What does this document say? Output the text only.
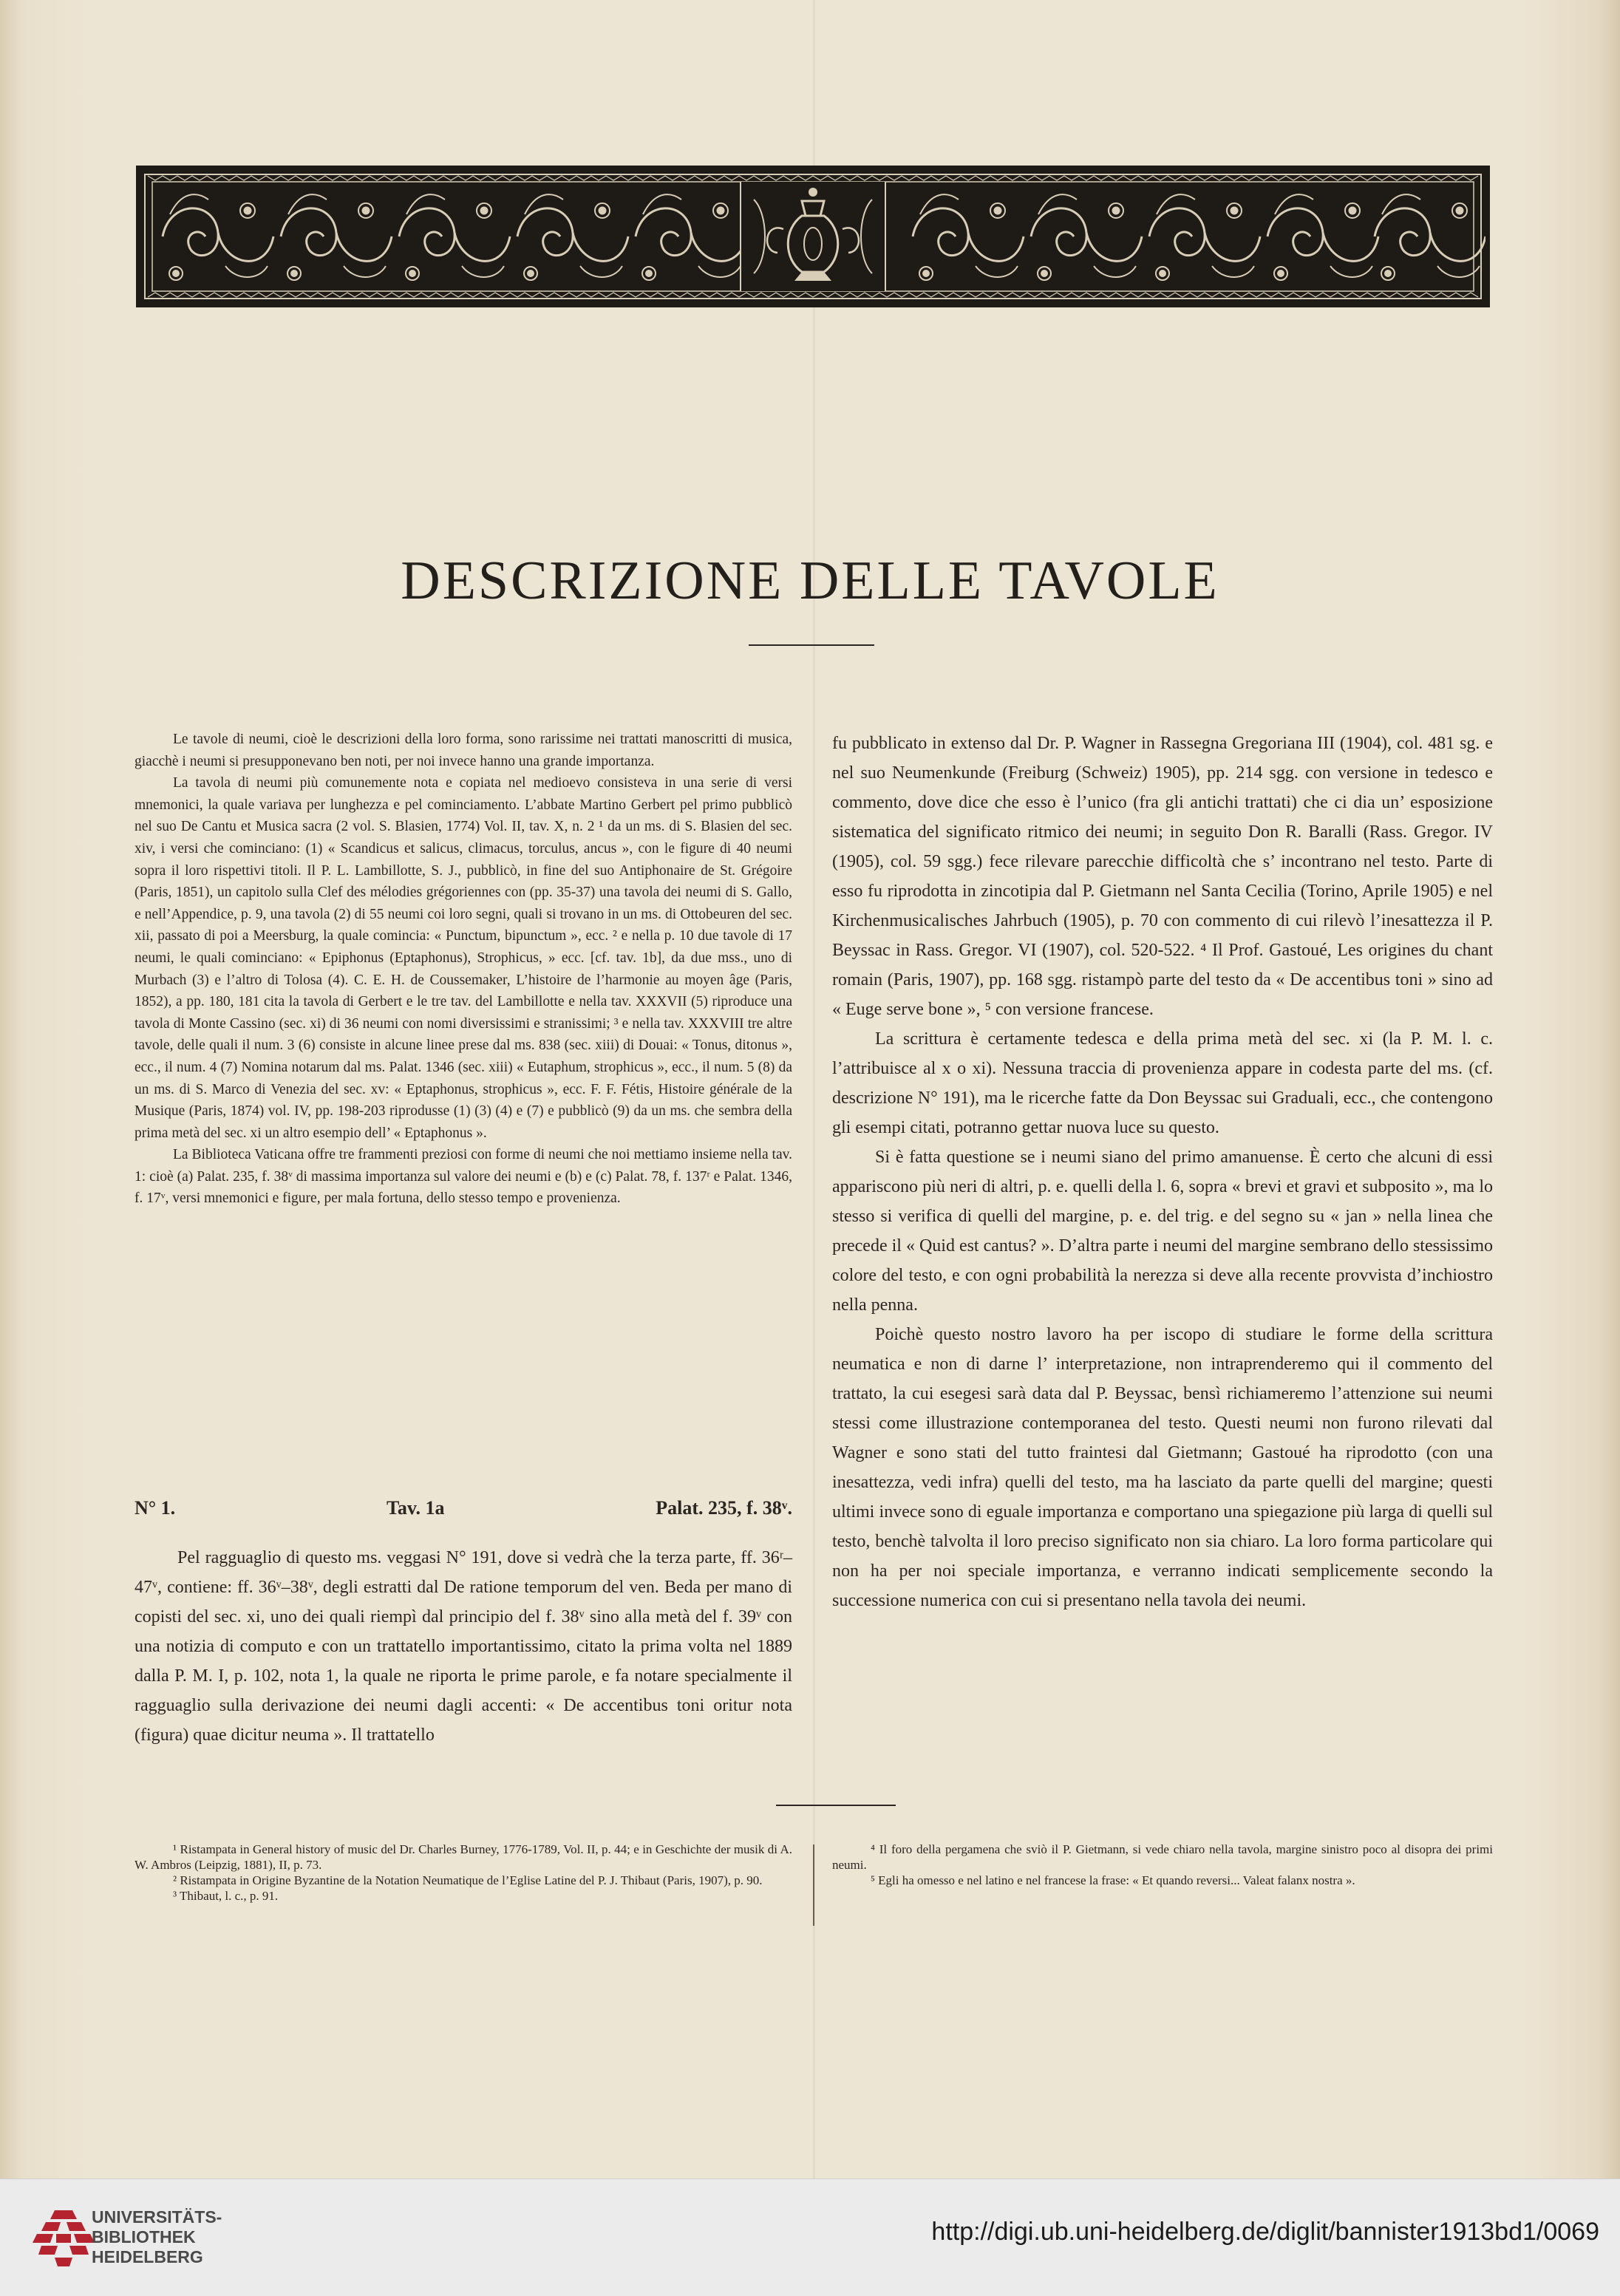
DESCRIZIONE DELLE TAVOLE

Le tavole di neumi, cioè le descrizioni della loro forma, sono rarissime nei trattati manoscritti di musica, giacchè i neumi si presupponevano ben noti, per noi invece hanno una grande importanza.

La tavola di neumi più comunemente nota e copiata nel medioevo consisteva in una serie di versi mnemonici, la quale variava per lunghezza e pel cominciamento. L’abbate Martino Gerbert pel primo pubblicò nel suo De Cantu et Musica sacra (2 vol. S. Blasien, 1774) Vol. II, tav. X, n. 2 ¹ da un ms. di S. Blasien del sec. xiv, i versi che cominciano: (1) « Scandicus et salicus, climacus, torculus, ancus », con le figure di 40 neumi sopra il loro rispettivi titoli. Il P. L. Lambillotte, S. J., pubblicò, in fine del suo Antiphonaire de St. Grégoire (Paris, 1851), un capitolo sulla Clef des mélodies grégoriennes con (pp. 35-37) una tavola dei neumi di S. Gallo, e nell’Appendice, p. 9, una tavola (2) di 55 neumi coi loro segni, quali si trovano in un ms. di Ottobeuren del sec. xii, passato di poi a Meersburg, la quale comincia: « Punctum, bipunctum », ecc. ² e nella p. 10 due tavole di 17 neumi, le quali cominciano: « Epiphonus (Eptaphonus), Strophicus, » ecc. [cf. tav. 1b], da due mss., uno di Murbach (3) e l’altro di Tolosa (4). C. E. H. de Coussemaker, L’histoire de l’harmonie au moyen âge (Paris, 1852), a pp. 180, 181 cita la tavola di Gerbert e le tre tav. del Lambillotte e nella tav. XXXVII (5) riproduce una tavola di Monte Cassino (sec. xi) di 36 neumi con nomi diversissimi e stranissimi; ³ e nella tav. XXXVIII tre altre tavole, delle quali il num. 3 (6) consiste in alcune linee prese dal ms. 838 (sec. xiii) di Douai: « Tonus, ditonus », ecc., il num. 4 (7) Nomina notarum dal ms. Palat. 1346 (sec. xiii) « Eutaphum, strophicus », ecc., il num. 5 (8) da un ms. di S. Marco di Venezia del sec. xv: « Eptaphonus, strophicus », ecc. F. F. Fétis, Histoire générale de la Musique (Paris, 1874) vol. IV, pp. 198-203 riprodusse (1) (3) (4) e (7) e pubblicò (9) da un ms. che sembra della prima metà del sec. xi un altro esempio dell’ « Eptaphonus ».

La Biblioteca Vaticana offre tre frammenti preziosi con forme di neumi che noi mettiamo insieme nella tav. 1: cioè (a) Palat. 235, f. 38ᵛ di massima importanza sul valore dei neumi e (b) e (c) Palat. 78, f. 137ʳ e Palat. 1346, f. 17ᵛ, versi mnemonici e figure, per mala fortuna, dello stesso tempo e provenienza.

N° 1.	Tav. 1a	Palat. 235, f. 38ᵛ.

Pel ragguaglio di questo ms. veggasi N° 191, dove si vedrà che la terza parte, ff. 36ʳ–47ᵛ, contiene: ff. 36ᵛ–38ᵛ, degli estratti dal De ratione temporum del ven. Beda per mano di copisti del sec. xi, uno dei quali riempì dal principio del f. 38ᵛ sino alla metà del f. 39ᵛ con una notizia di computo e con un trattatello importantissimo, citato la prima volta nel 1889 dalla P. M. I, p. 102, nota 1, la quale ne riporta le prime parole, e fa notare specialmente il ragguaglio sulla derivazione dei neumi dagli accenti: « De accentibus toni oritur nota (figura) quae dicitur neuma ». Il trattatello

fu pubblicato in extenso dal Dr. P. Wagner in Rassegna Gregoriana III (1904), col. 481 sg. e nel suo Neumenkunde (Freiburg (Schweiz) 1905), pp. 214 sgg. con versione in tedesco e commento, dove dice che esso è l’unico (fra gli antichi trattati) che ci dia un’ esposizione sistematica del significato ritmico dei neumi; in seguito Don R. Baralli (Rass. Gregor. IV (1905), col. 59 sgg.) fece rilevare parecchie difficoltà che s’ incontrano nel testo. Parte di esso fu riprodotta in zincotipia dal P. Gietmann nel Santa Cecilia (Torino, Aprile 1905) e nel Kirchenmusicalisches Jahrbuch (1905), p. 70 con commento di cui rilevò l’inesattezza il P. Beyssac in Rass. Gregor. VI (1907), col. 520-522. ⁴ Il Prof. Gastoué, Les origines du chant romain (Paris, 1907), pp. 168 sgg. ristampò parte del testo da « De accentibus toni » sino ad « Euge serve bone », ⁵ con versione francese.

La scrittura è certamente tedesca e della prima metà del sec. xi (la P. M. l. c. l’attribuisce al x o xi). Nessuna traccia di provenienza appare in codesta parte del ms. (cf. descrizione N° 191), ma le ricerche fatte da Don Beyssac sui Graduali, ecc., che contengono gli esempi citati, potranno gettar nuova luce su questo.

Si è fatta questione se i neumi siano del primo amanuense. È certo che alcuni di essi appariscono più neri di altri, p. e. quelli della l. 6, sopra « brevi et gravi et subposito », ma lo stesso si verifica di quelli del margine, p. e. del trig. e del segno su « jan » nella linea che precede il « Quid est cantus? ». D’altra parte i neumi del margine sembrano dello stessissimo colore del testo, e con ogni probabilità la nerezza si deve alla recente provvista d’inchiostro nella penna.

Poichè questo nostro lavoro ha per iscopo di studiare le forme della scrittura neumatica e non di darne l’ interpretazione, non intraprenderemo qui il commento del trattato, la cui esegesi sarà data dal P. Beyssac, bensì richiameremo l’attenzione sui neumi stessi come illustrazione contemporanea del testo. Questi neumi non furono rilevati dal Wagner e sono stati del tutto fraintesi dal Gietmann; Gastoué ha riprodotto (con una inesattezza, vedi infra) quelli del testo, ma ha lasciato da parte quelli del margine; questi ultimi invece sono di eguale importanza e comportano una spiegazione più larga di quelli sul testo, benchè talvolta il loro preciso significato non sia chiaro. La loro forma particolare qui non ha per noi speciale importanza, e verranno indicati semplicemente secondo la successione numerica con cui si presentano nella tavola dei neumi.

¹ Ristampata in General history of music del Dr. Charles Burney, 1776-1789, Vol. II, p. 44; e in Geschichte der musik di A. W. Ambros (Leipzig, 1881), II, p. 73.

² Ristampata in Origine Byzantine de la Notation Neumatique de l’Eglise Latine del P. J. Thibaut (Paris, 1907), p. 90.

³ Thibaut, l. c., p. 91.

⁴ Il foro della pergamena che sviò il P. Gietmann, si vede chiaro nella tavola, margine sinistro poco al disopra dei primi neumi.

⁵ Egli ha omesso e nel latino e nel francese la frase: « Et quando reversi... Valeat falanx nostra ».

UNIVERSITÄTS-
BIBLIOTHEK
HEIDELBERG
http://digi.ub.uni-heidelberg.de/diglit/bannister1913bd1/0069
